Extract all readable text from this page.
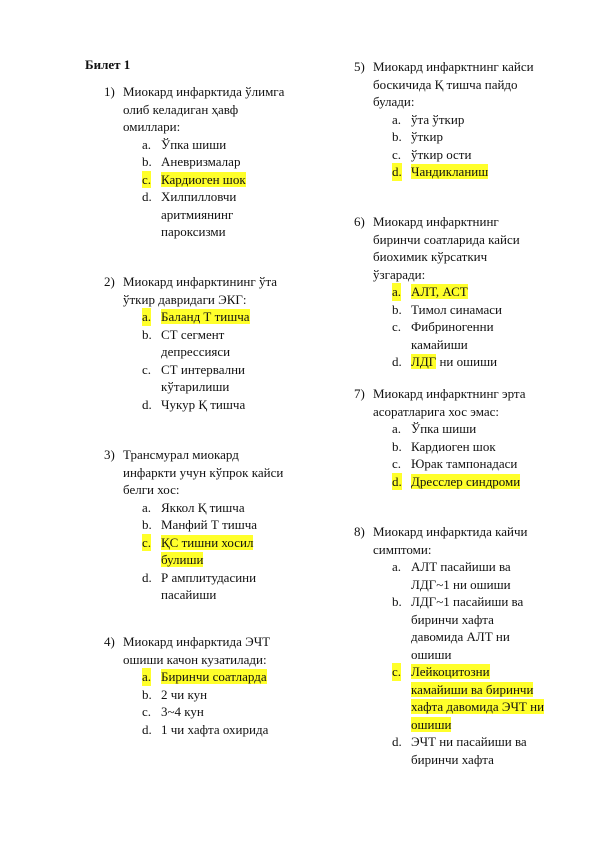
Билет 1
1) Миокард инфарктида ўлимга
олиб келадиган ҳавф
омиллари:
a. Ўпка шиши
b. Аневризмалар
c. Кардиоген шок
d. Хилпилловчи
аритмиянинг
пароксизми
2) Миокард инфарктининг ўта
ўткир давридаги ЭКГ:
a. Баланд Т тишча
b. СТ сегмент
депрессияси
c. СТ интервални
кўтарилиши
d. Чукур Қ тишча
3) Трансмурал миокард
инфаркти учун кўпрок кайси
белги хос:
a. Яккол Қ тишча
b. Манфий Т тишча
c. ҚС тишни хосил
булиши
d. Р амплитудасини
пасайиши
4) Миокард инфарктида ЭЧТ
ошиши качон кузатилади:
a. Биринчи соатларда
b. 2 чи кун
c. 3~4 кун
d. 1 чи хафта охирида
5) Миокард инфарктнинг кайси
боскичида Қ тишча пайдо
булади:
a. ўта ўткир
b. ўткир
c. ўткир ости
d. Чандикланиш
6) Миокард инфарктнинг
биринчи соатларида кайси
биохимик кўрсаткич
ўзгаради:
a. АЛТ, АСТ
b. Тимол синамаси
c. Фибриногенни
камайиши
d. ЛДГ ни ошиши
7) Миокард инфарктнинг эрта
асоратларига хос эмас:
a. Ўпка шиши
b. Кардиоген шок
c. Юрак тампонадаси
d. Дресслер синдроми
8) Миокард инфарктида кайчи
симптоми:
a. АЛТ пасайиши ва
ЛДГ~1 ни ошиши
b. ЛДГ~1 пасайиши ва
биринчи хафта
давомида АЛТ ни
ошиши
c. Лейкоцитозни
камайиши ва биринчи
хафта давомида ЭЧТ ни
ошиши
d. ЭЧТ ни пасайиши ва
биринчи хафта
